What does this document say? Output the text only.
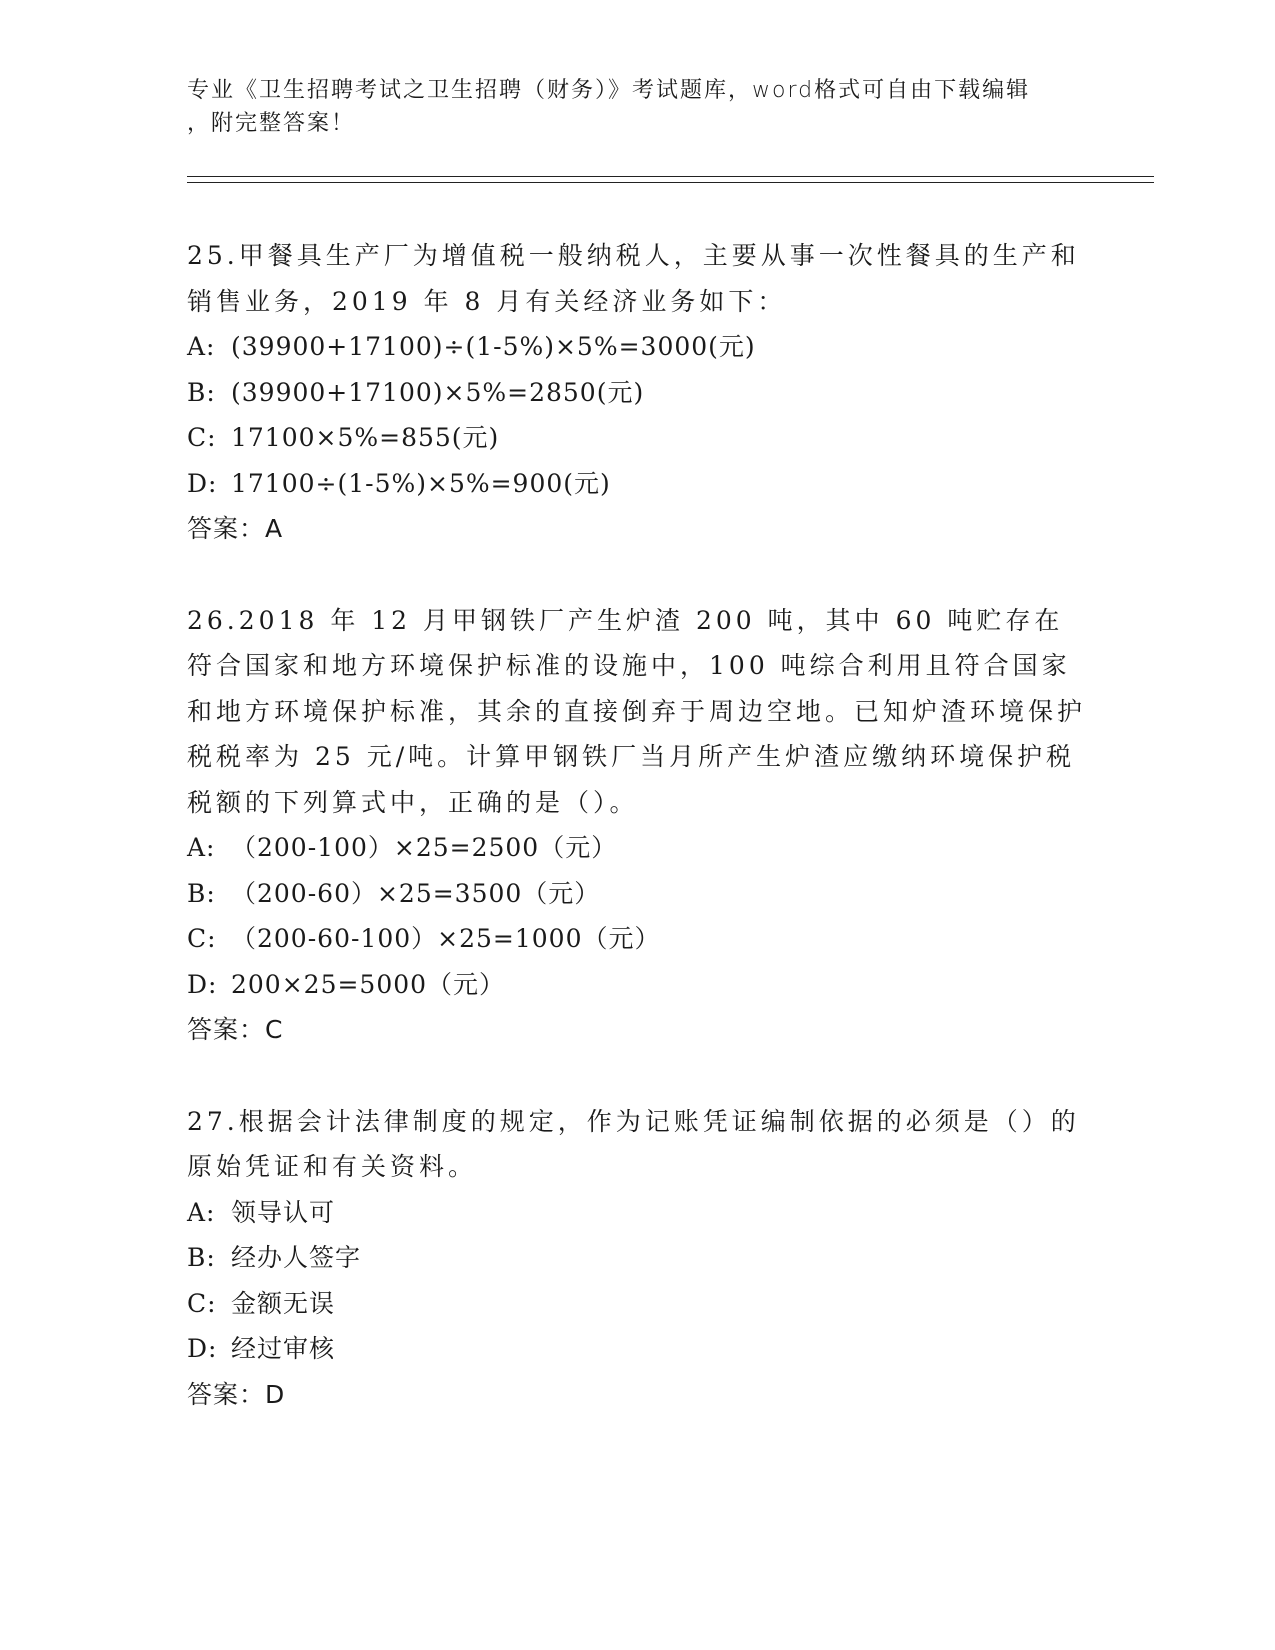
专业《卫生招聘考试之卫生招聘（财务）》考试题库，word格式可自由下载编辑
，附完整答案！
25.甲餐具生产厂为增值税一般纳税人，主要从事一次性餐具的生产和销售业务，2019 年 8 月有关经济业务如下：
A: (39900+17100)÷(1-5%)×5%=3000(元)
B: (39900+17100)×5%=2850(元)
C: 17100×5%=855(元)
D: 17100÷(1-5%)×5%=900(元)
答案：A
26.2018 年 12 月甲钢铁厂产生炉渣 200 吨，其中 60 吨贮存在符合国家和地方环境保护标准的设施中，100 吨综合利用且符合国家和地方环境保护标准，其余的直接倒弃于周边空地。已知炉渣环境保护税税率为 25 元/吨。计算甲钢铁厂当月所产生炉渣应缴纳环境保护税税额的下列算式中，正确的是（）。
A: （200-100）×25=2500（元）
B: （200-60）×25=3500（元）
C: （200-60-100）×25=1000（元）
D: 200×25=5000（元）
答案：C
27.根据会计法律制度的规定，作为记账凭证编制依据的必须是（）的原始凭证和有关资料。
A: 领导认可
B: 经办人签字
C: 金额无误
D: 经过审核
答案：D
